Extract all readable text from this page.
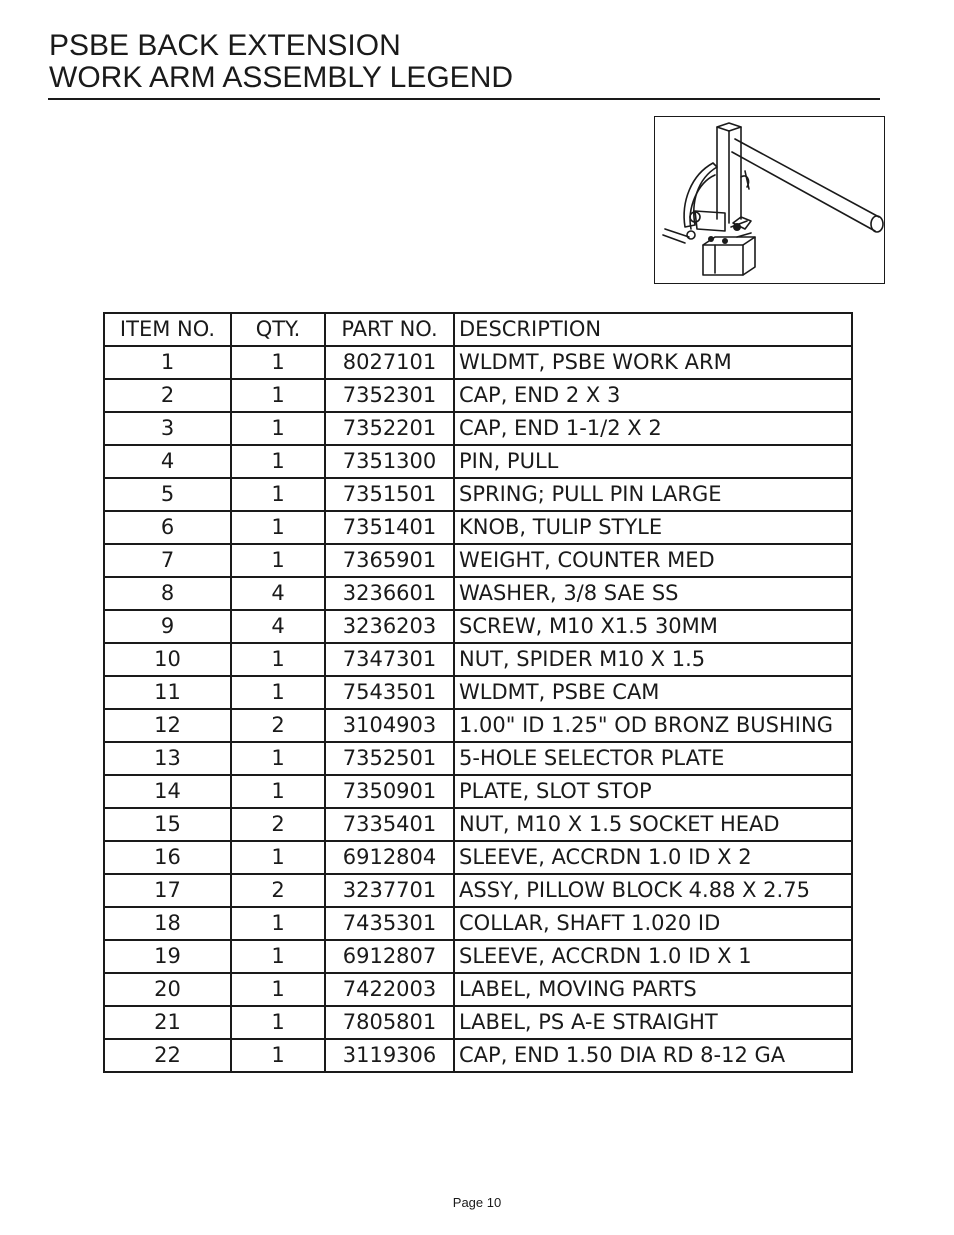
PSBE BACK EXTENSION
WORK ARM ASSEMBLY LEGEND
ITEM NO.	QTY.	PART NO.	DESCRIPTION
1	1	8027101	WLDMT, PSBE WORK ARM
2	1	7352301	CAP, END 2 X 3
3	1	7352201	CAP, END 1-1/2 X 2
4	1	7351300	PIN, PULL
5	1	7351501	SPRING; PULL PIN LARGE
6	1	7351401	KNOB, TULIP STYLE
7	1	7365901	WEIGHT, COUNTER MED
8	4	3236601	WASHER, 3/8 SAE SS
9	4	3236203	SCREW, M10 X1.5 30MM
10	1	7347301	NUT, SPIDER M10 X 1.5
11	1	7543501	WLDMT, PSBE CAM
12	2	3104903	1.00" ID 1.25" OD BRONZ BUSHING
13	1	7352501	5-HOLE SELECTOR PLATE
14	1	7350901	PLATE, SLOT STOP
15	2	7335401	NUT, M10 X 1.5 SOCKET HEAD
16	1	6912804	SLEEVE, ACCRDN 1.0 ID X 2
17	2	3237701	ASSY, PILLOW BLOCK 4.88 X 2.75
18	1	7435301	COLLAR, SHAFT 1.020 ID
19	1	6912807	SLEEVE, ACCRDN 1.0 ID X 1
20	1	7422003	LABEL, MOVING PARTS
21	1	7805801	LABEL, PS A-E STRAIGHT
22	1	3119306	CAP, END 1.50 DIA RD 8-12 GA
Page 10
